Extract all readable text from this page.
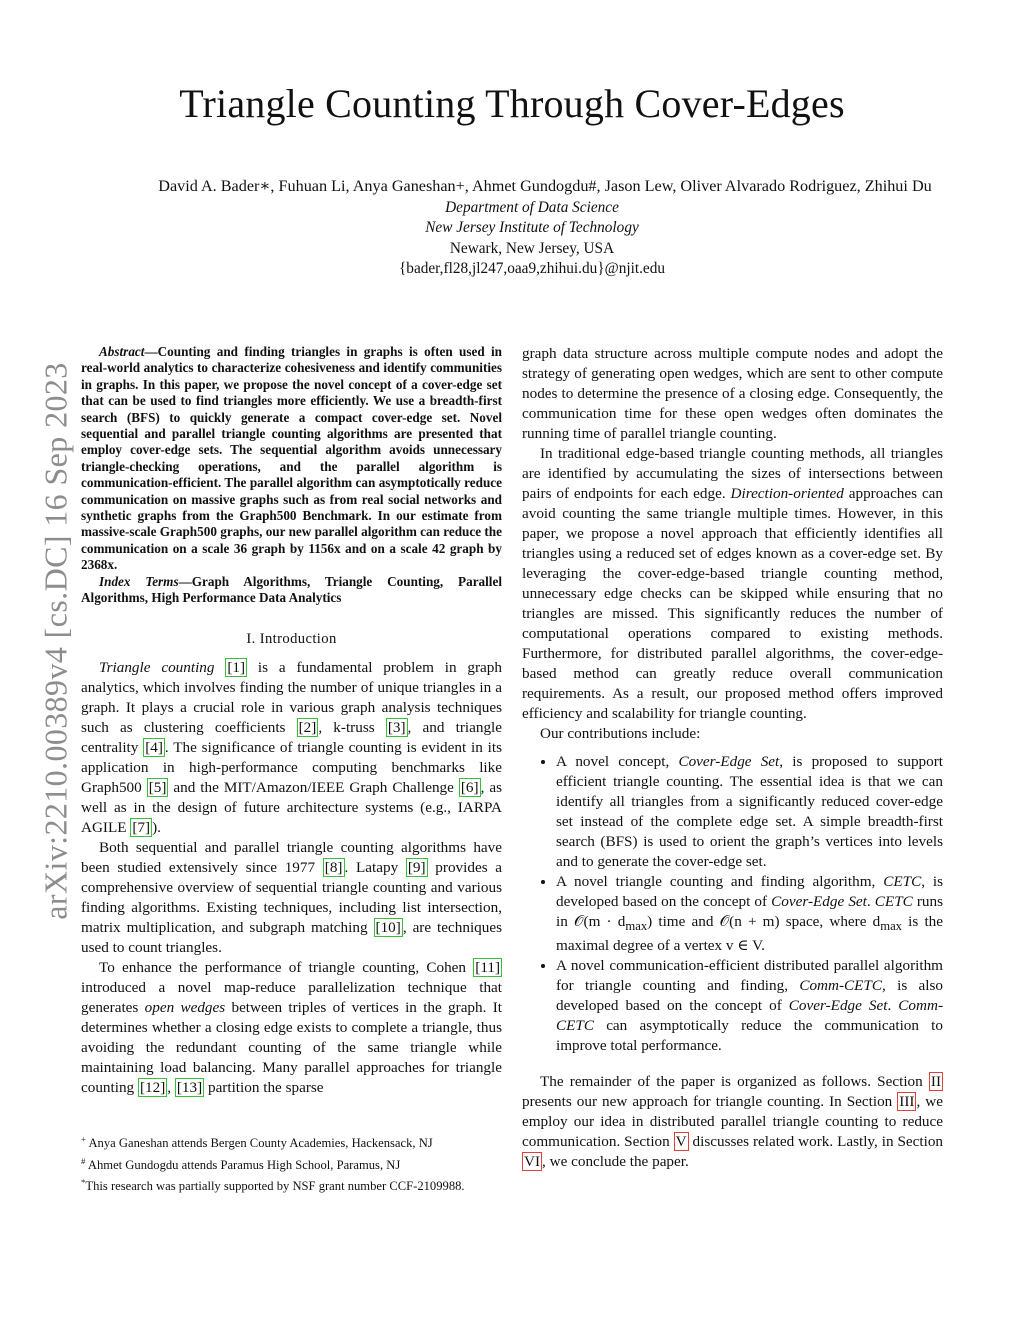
arXiv:2210.00389v4 [cs.DC] 16 Sep 2023
Triangle Counting Through Cover-Edges
David A. Bader∗, Fuhuan Li, Anya Ganeshan+, Ahmet Gundogdu#, Jason Lew, Oliver Alvarado Rodriguez, Zhihui Du
Department of Data Science
New Jersey Institute of Technology
Newark, New Jersey, USA
{bader,fl28,jl247,oaa9,zhihui.du}@njit.edu

Abstract—Counting and finding triangles in graphs is often used in real-world analytics to characterize cohesiveness and identify communities in graphs. In this paper, we propose the novel concept of a cover-edge set that can be used to find triangles more efficiently. We use a breadth-first search (BFS) to quickly generate a compact cover-edge set. Novel sequential and parallel triangle counting algorithms are presented that employ cover-edge sets. The sequential algorithm avoids unnecessary triangle-checking operations, and the parallel algorithm is communication-efficient. The parallel algorithm can asymptotically reduce communication on massive graphs such as from real social networks and synthetic graphs from the Graph500 Benchmark. In our estimate from massive-scale Graph500 graphs, our new parallel algorithm can reduce the communication on a scale 36 graph by 1156x and on a scale 42 graph by 2368x.

Index Terms—Graph Algorithms, Triangle Counting, Parallel Algorithms, High Performance Data Analytics

I. Introduction

Triangle counting [1] is a fundamental problem in graph analytics, which involves finding the number of unique triangles in a graph. It plays a crucial role in various graph analysis techniques such as clustering coefficients [2] , k-truss [3] , and triangle centrality [4] . The significance of triangle counting is evident in its application in high-performance computing benchmarks like Graph500 [5] and the MIT/Amazon/IEEE Graph Challenge [6] , as well as in the design of future architecture systems (e.g., IARPA AGILE [7] ).

Both sequential and parallel triangle counting algorithms have been studied extensively since 1977 [8] . Latapy [9] provides a comprehensive overview of sequential triangle counting and various finding algorithms. Existing techniques, including list intersection, matrix multiplication, and subgraph matching [10] , are techniques used to count triangles.

To enhance the performance of triangle counting, Cohen [11] introduced a novel map-reduce parallelization technique that generates open wedges between triples of vertices in the graph. It determines whether a closing edge exists to complete a triangle, thus avoiding the redundant counting of the same triangle while maintaining load balancing. Many parallel approaches for triangle counting [12] , [13] partition the sparse

+ Anya Ganeshan attends Bergen County Academies, Hackensack, NJ

# Ahmet Gundogdu attends Paramus High School, Paramus, NJ

*This research was partially supported by NSF grant number CCF-2109988.

graph data structure across multiple compute nodes and adopt the strategy of generating open wedges, which are sent to other compute nodes to determine the presence of a closing edge. Consequently, the communication time for these open wedges often dominates the running time of parallel triangle counting.

In traditional edge-based triangle counting methods, all triangles are identified by accumulating the sizes of intersections between pairs of endpoints for each edge. Direction-oriented approaches can avoid counting the same triangle multiple times. However, in this paper, we propose a novel approach that efficiently identifies all triangles using a reduced set of edges known as a cover-edge set. By leveraging the cover-edge-based triangle counting method, unnecessary edge checks can be skipped while ensuring that no triangles are missed. This significantly reduces the number of computational operations compared to existing methods. Furthermore, for distributed parallel algorithms, the cover-edge-based method can greatly reduce overall communication requirements. As a result, our proposed method offers improved efficiency and scalability for triangle counting.

Our contributions include:

• A novel concept, Cover-Edge Set, is proposed to support efficient triangle counting. The essential idea is that we can identify all triangles from a significantly reduced cover-edge set instead of the complete edge set. A simple breadth-first search (BFS) is used to orient the graph’s vertices into levels and to generate the cover-edge set.
• A novel triangle counting and finding algorithm, CETC, is developed based on the concept of Cover-Edge Set. CETC runs in 𝒪(m · $d_{max}$) time and 𝒪(n + m) space, where $d_{max}$ is the maximal degree of a vertex v ∈ V.
• A novel communication-efficient distributed parallel algorithm for triangle counting and finding, Comm-CETC, is also developed based on the concept of Cover-Edge Set. Comm-CETC can asymptotically reduce the communication to improve total performance.

The remainder of the paper is organized as follows. Section II presents our new approach for triangle counting. In Section III , we employ our idea in distributed parallel triangle counting to reduce communication. Section V discusses related work. Lastly, in Section VI , we conclude the paper.
